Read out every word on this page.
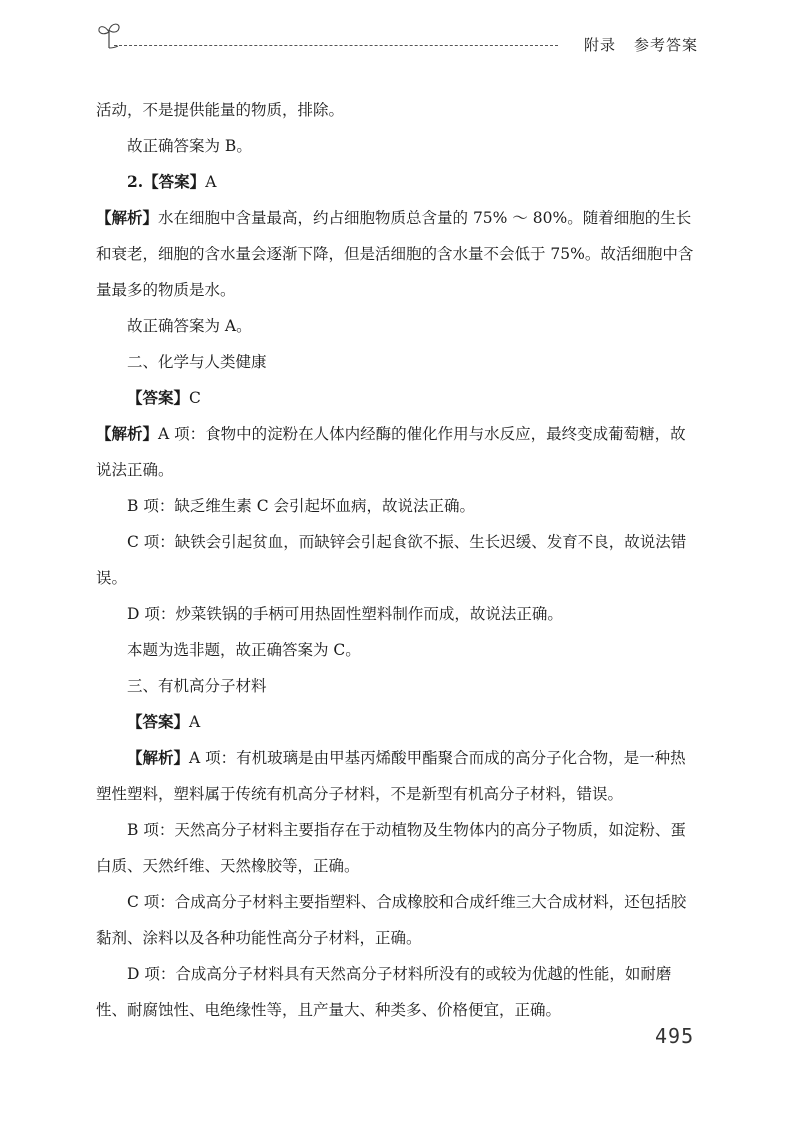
附录 参考答案

活动，不是提供能量的物质，排除。

故正确答案为 B。

2.【答案】A

【解析】水在细胞中含量最高，约占细胞物质总含量的 75% ～ 80%。随着细胞的生长和衰老，细胞的含水量会逐渐下降，但是活细胞的含水量不会低于 75%。故活细胞中含量最多的物质是水。

故正确答案为 A。

二、化学与人类健康

【答案】C

【解析】A 项：食物中的淀粉在人体内经酶的催化作用与水反应，最终变成葡萄糖，故说法正确。

B 项：缺乏维生素 C 会引起坏血病，故说法正确。

C 项：缺铁会引起贫血，而缺锌会引起食欲不振、生长迟缓、发育不良，故说法错误。

D 项：炒菜铁锅的手柄可用热固性塑料制作而成，故说法正确。

本题为选非题，故正确答案为 C。

三、有机高分子材料

【答案】A

【解析】A 项：有机玻璃是由甲基丙烯酸甲酯聚合而成的高分子化合物，是一种热塑性塑料，塑料属于传统有机高分子材料，不是新型有机高分子材料，错误。

B 项：天然高分子材料主要指存在于动植物及生物体内的高分子物质，如淀粉、蛋白质、天然纤维、天然橡胶等，正确。

C 项：合成高分子材料主要指塑料、合成橡胶和合成纤维三大合成材料，还包括胶黏剂、涂料以及各种功能性高分子材料，正确。

D 项：合成高分子材料具有天然高分子材料所没有的或较为优越的性能，如耐磨性、耐腐蚀性、电绝缘性等，且产量大、种类多、价格便宜，正确。

495
